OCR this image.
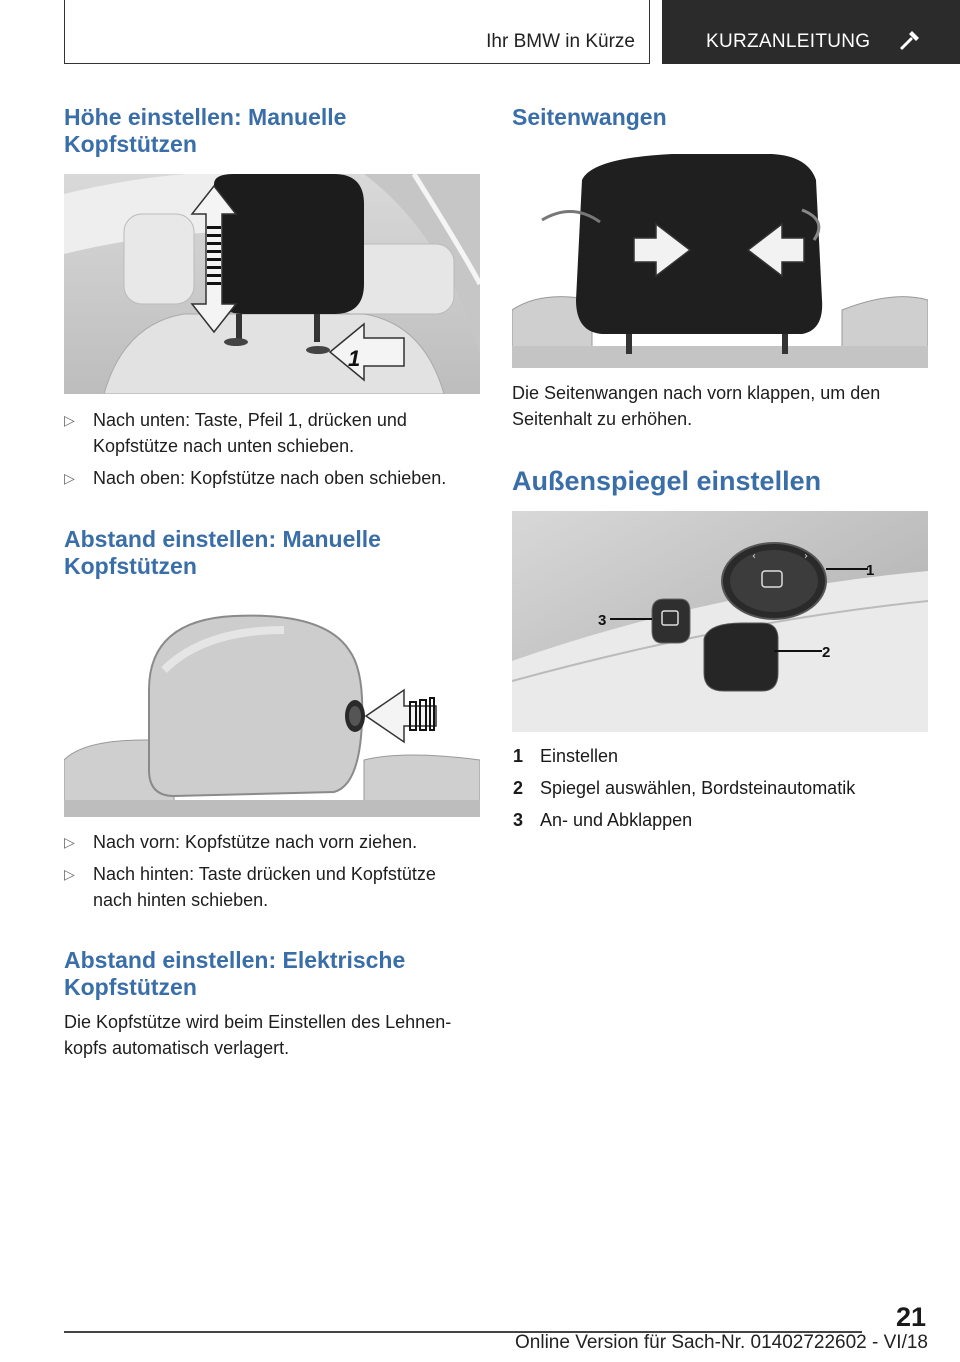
Ihr BMW in Kürze	KURZANLEITUNG
Höhe einstellen: Manuelle
Kopfstützen
1
▷ Nach unten: Taste, Pfeil 1, drücken und
Kopfstütze nach unten schieben.
▷ Nach oben: Kopfstütze nach oben schieben.
Abstand einstellen: Manuelle
Kopfstützen
▷ Nach vorn: Kopfstütze nach vorn ziehen.
▷ Nach hinten: Taste drücken und Kopfstütze
nach hinten schieben.
Abstand einstellen: Elektrische
Kopfstützen
Die Kopfstütze wird beim Einstellen des Lehnen-
kopfs automatisch verlagert.
Seitenwangen
Die Seitenwangen nach vorn klappen, um den
Seitenhalt zu erhöhen.
Außenspiegel einstellen
‹	›
1
2
3
1 Einstellen
2 Spiegel auswählen, Bordsteinautomatik
3 An- und Abklappen
21
Online Version für Sach-Nr. 01402722602 - VI/18
